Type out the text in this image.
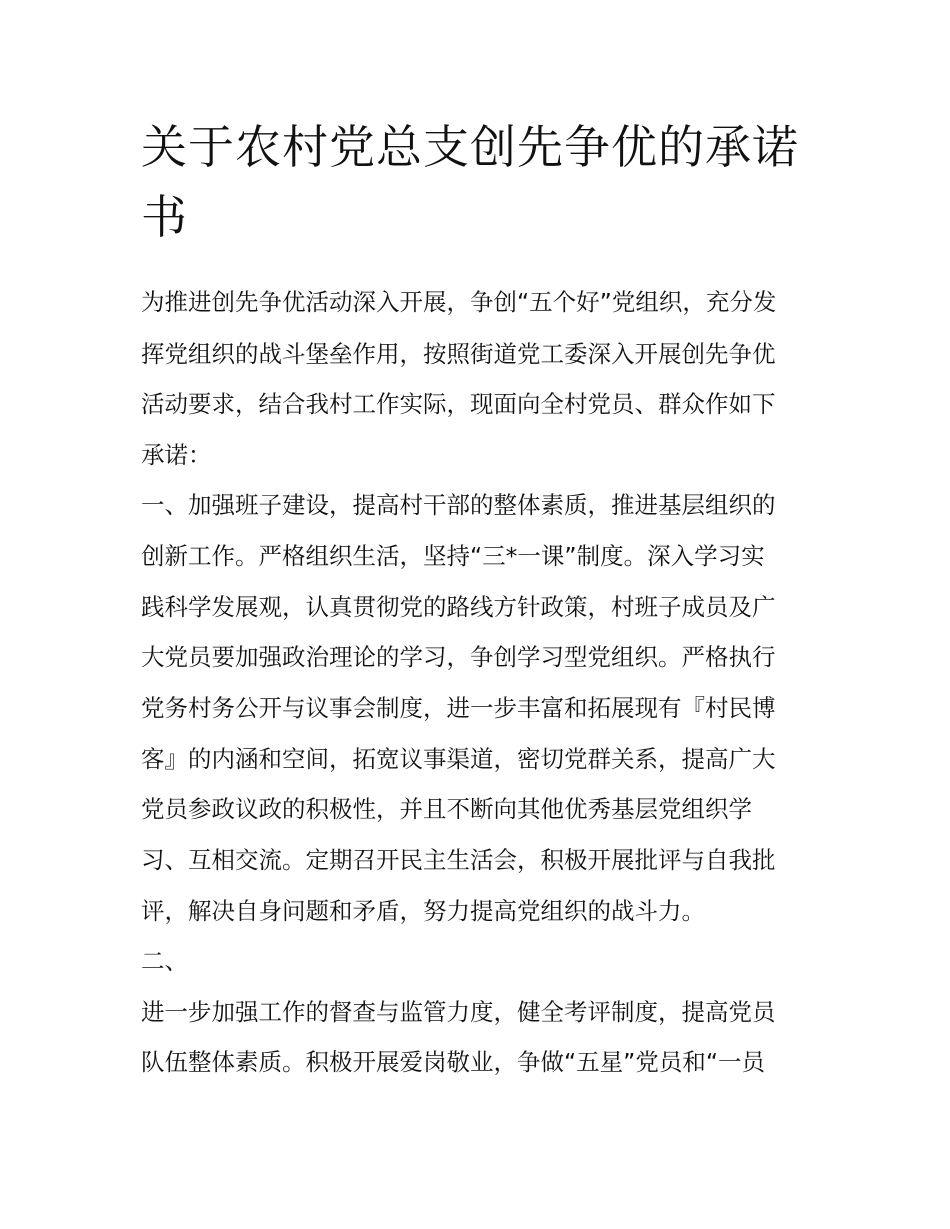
关于农村党总支创先争优的承诺书
为推进创先争优活动深入开展，争创“五个好”党组织，充分发
挥党组织的战斗堡垒作用，按照街道党工委深入开展创先争优
活动要求，结合我村工作实际，现面向全村党员、群众作如下
承诺：
一、加强班子建设，提高村干部的整体素质，推进基层组织的
创新工作。严格组织生活，坚持“三*一课”制度。深入学习实
践科学发展观，认真贯彻党的路线方针政策，村班子成员及广
大党员要加强政治理论的学习，争创学习型党组织。严格执行
党务村务公开与议事会制度，进一步丰富和拓展现有『村民博
客』的内涵和空间，拓宽议事渠道，密切党群关系，提高广大
党员参政议政的积极性，并且不断向其他优秀基层党组织学
习、互相交流。定期召开民主生活会，积极开展批评与自我批
评，解决自身问题和矛盾，努力提高党组织的战斗力。
二、
进一步加强工作的督查与监管力度，健全考评制度，提高党员
队伍整体素质。积极开展爱岗敬业，争做“五星”党员和“一员
